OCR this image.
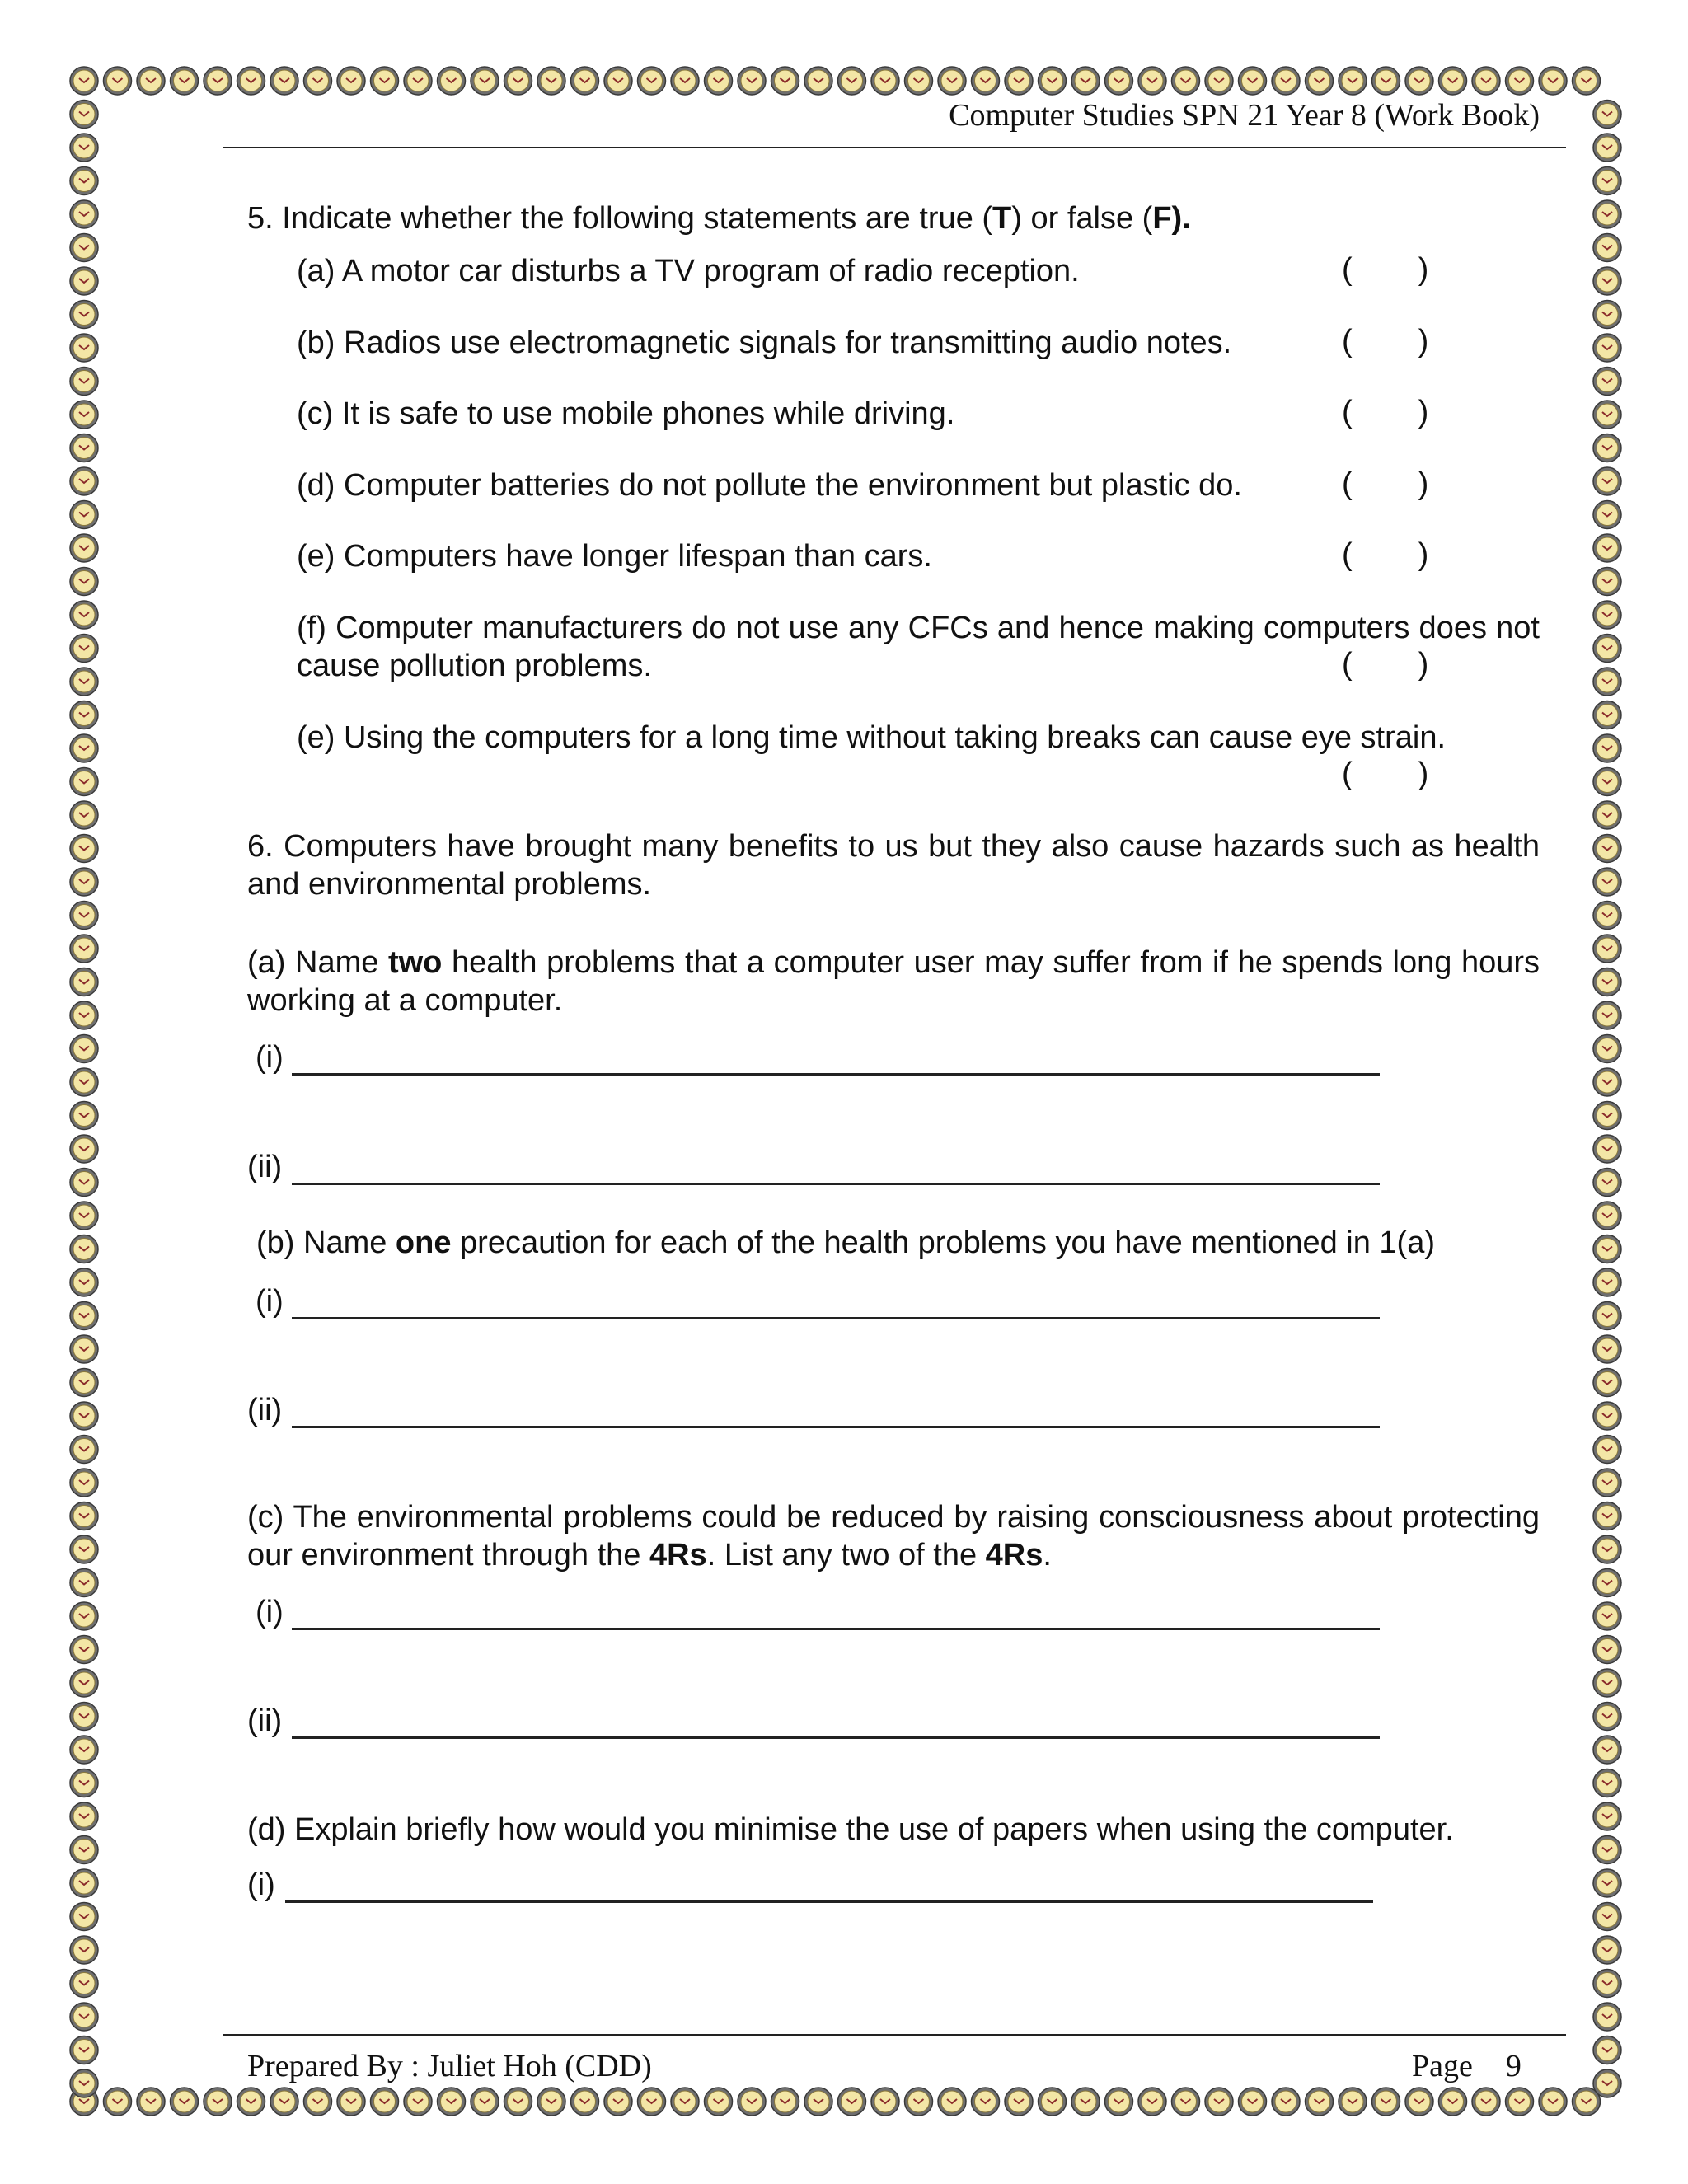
Computer Studies SPN 21 Year 8 (Work Book)
5. Indicate whether the following statements are true (T) or false (F).
(a) A motor car disturbs a TV program of radio reception.	( )
(b) Radios use electromagnetic signals for transmitting audio notes.	( )
(c) It is safe to use mobile phones while driving.	( )
(d) Computer batteries do not pollute the environment but plastic do.	( )
(e) Computers have longer lifespan than cars.	( )
(f) Computer manufacturers do not use any CFCs and hence making computers does not cause pollution problems.	( )
(e) Using the computers for a long time without taking breaks can cause eye strain.
( )
6. Computers have brought many benefits to us but they also cause hazards such as health and environmental problems.
(a) Name two health problems that a computer user may suffer from if he spends long hours working at a computer.
(i)
(ii)
(b) Name one precaution for each of the health problems you have mentioned in 1(a)
(i)
(ii)
(c) The environmental problems could be reduced by raising consciousness about protecting our environment through the 4Rs. List any two of the 4Rs.
(i)
(ii)
(d) Explain briefly how would you minimise the use of papers when using the computer.
(i)
Prepared By : Juliet Hoh (CDD)	Page 9
